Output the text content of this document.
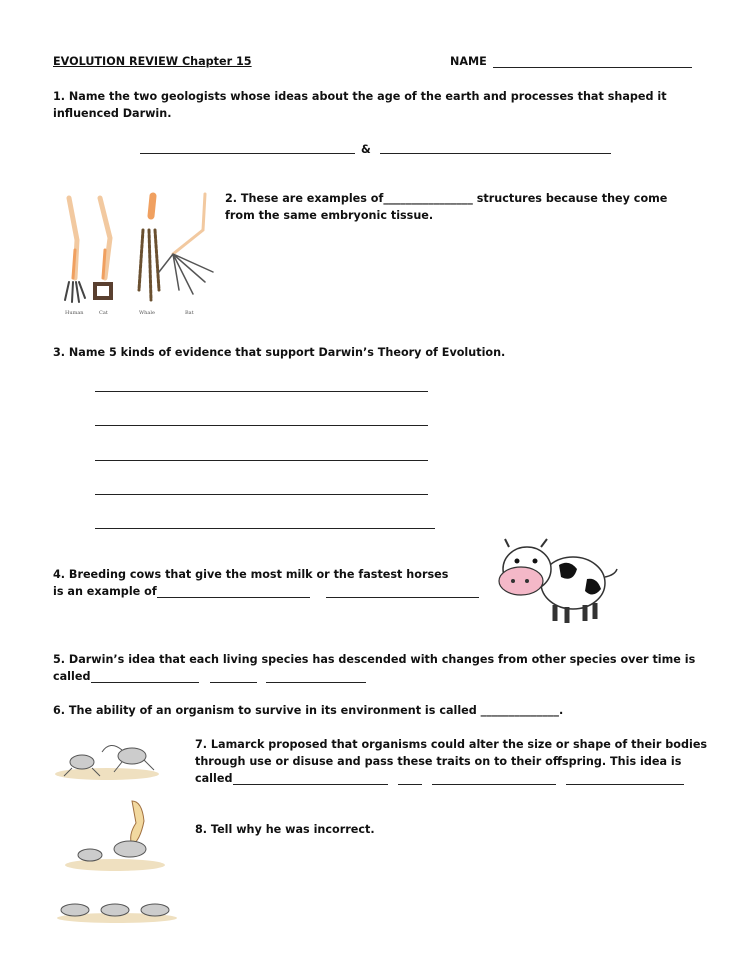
EVOLUTION REVIEW Chapter 15	NAME
1. Name the two geologists whose ideas about the age of the earth and processes that shaped it
influenced Darwin.
&
Human	Cat	Whale	Bat
2. These are examples of________________ structures because they come
from the same embryonic tissue.
3. Name 5 kinds of evidence that support Darwin’s Theory of Evolution.
4. Breeding cows that give the most milk or the fastest horses
is an example of
5. Darwin’s idea that each living species has descended with changes from other species over time is
called
6. The ability of an organism to survive in its environment is called ______________.
7. Lamarck proposed that organisms could alter the size or shape of their bodies
through use or disuse and pass these traits on to their offspring. This idea is
called
8. Tell why he was incorrect.
